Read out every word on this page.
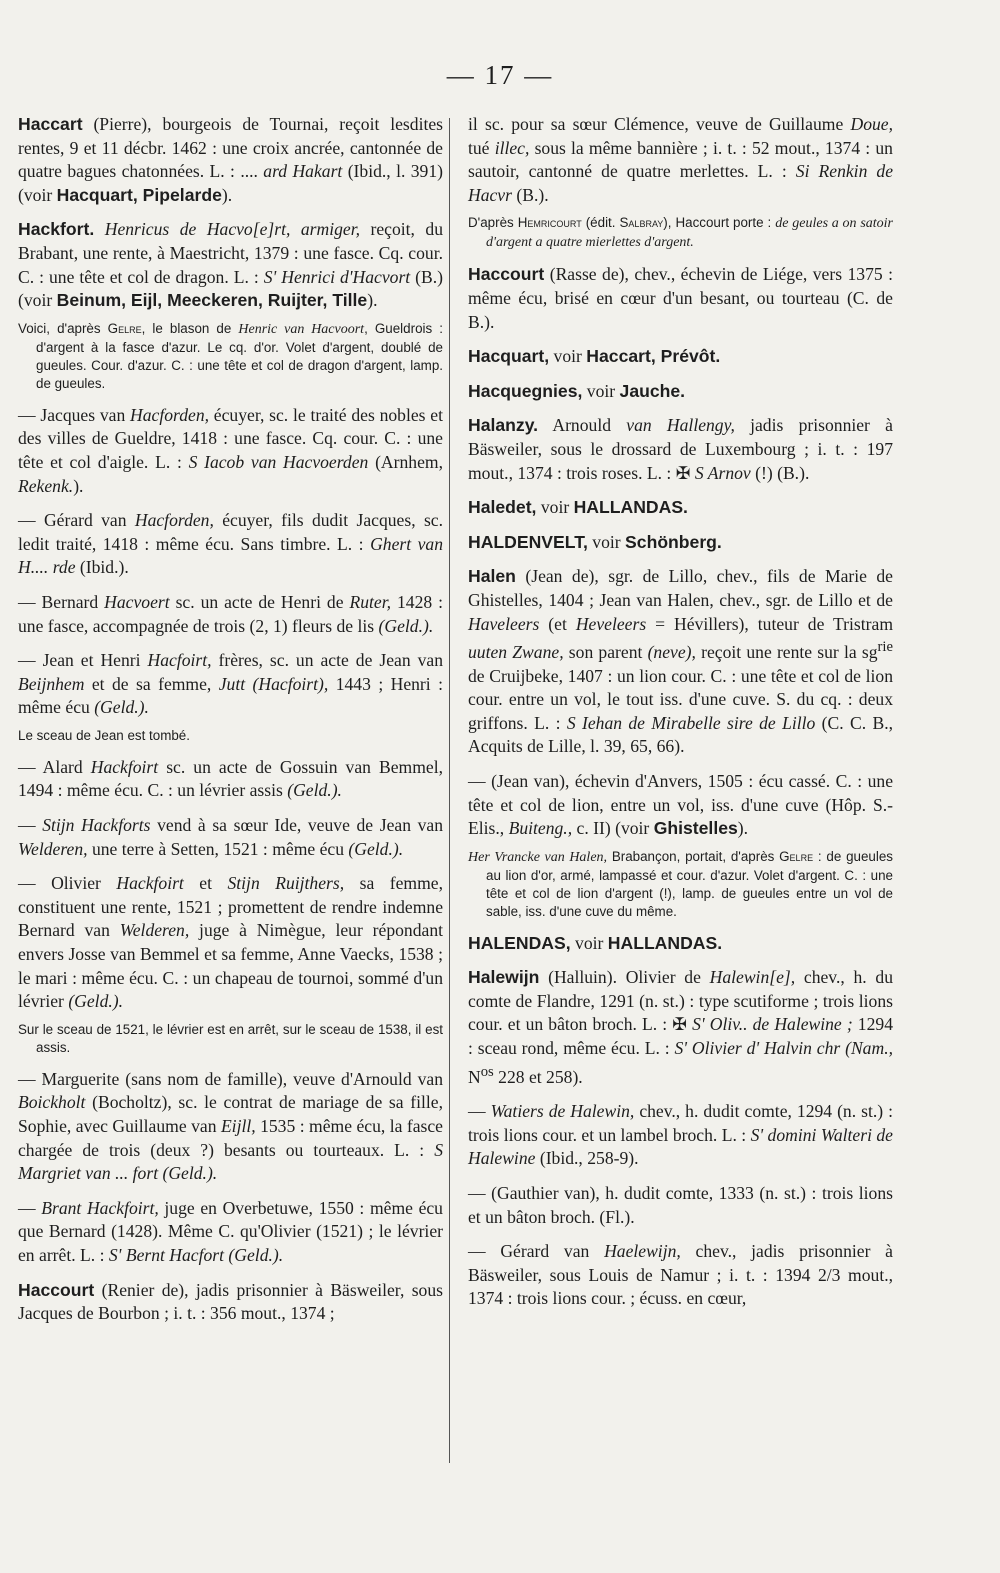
— 17 —

Haccart (Pierre), bourgeois de Tournai, reçoit lesdites rentes, 9 et 11 décbr. 1462 : une croix ancrée, cantonnée de quatre bagues chatonnées. L. : .... ard Hakart (Ibid., l. 391) (voir Hacquart, Pipelarde).

Hackfort. Henricus de Hacvo[e]rt, armiger, reçoit, du Brabant, une rente, à Maestricht, 1379 : une fasce. Cq. cour. C. : une tête et col de dragon. L. : S' Henrici d'Hacvort (B.) (voir Beinum, Eijl, Meeckeren, Ruijter, Tille).

Voici, d'après Gelre, le blason de Henric van Hacvoort, Gueldrois : d'argent à la fasce d'azur. Le cq. d'or. Volet d'argent, doublé de gueules. Cour. d'azur. C. : une tête et col de dragon d'argent, lamp. de gueules.

— Jacques van Hacforden, écuyer, sc. le traité des nobles et des villes de Gueldre, 1418 : une fasce. Cq. cour. C. : une tête et col d'aigle. L. : S Iacob van Hacvoerden (Arnhem, Rekenk.).

— Gérard van Hacforden, écuyer, fils dudit Jacques, sc. ledit traité, 1418 : même écu. Sans timbre. L. : Ghert van H.... rde (Ibid.).

— Bernard Hacvoert sc. un acte de Henri de Ruter, 1428 : une fasce, accompagnée de trois (2, 1) fleurs de lis (Geld.).

— Jean et Henri Hacfoirt, frères, sc. un acte de Jean van Beijnhem et de sa femme, Jutt (Hacfoirt), 1443 ; Henri : même écu (Geld.).

Le sceau de Jean est tombé.

— Alard Hackfoirt sc. un acte de Gossuin van Bemmel, 1494 : même écu. C. : un lévrier assis (Geld.).

— Stijn Hackforts vend à sa sœur Ide, veuve de Jean van Welderen, une terre à Setten, 1521 : même écu (Geld.).

— Olivier Hackfoirt et Stijn Ruijthers, sa femme, constituent une rente, 1521 ; promettent de rendre indemne Bernard van Welderen, juge à Nimègue, leur répondant envers Josse van Bemmel et sa femme, Anne Vaecks, 1538 ; le mari : même écu. C. : un chapeau de tournoi, sommé d'un lévrier (Geld.).

Sur le sceau de 1521, le lévrier est en arrêt, sur le sceau de 1538, il est assis.

— Marguerite (sans nom de famille), veuve d'Arnould van Boickholt (Bocholtz), sc. le contrat de mariage de sa fille, Sophie, avec Guillaume van Eijll, 1535 : même écu, la fasce chargée de trois (deux ?) besants ou tourteaux. L. : S Margriet van ... fort (Geld.).

— Brant Hackfoirt, juge en Overbetuwe, 1550 : même écu que Bernard (1428). Même C. qu'Olivier (1521) ; le lévrier en arrêt. L. : S' Bernt Hacfort (Geld.).

Haccourt (Renier de), jadis prisonnier à Bäsweiler, sous Jacques de Bourbon ; i. t. : 356 mout., 1374 ;

il sc. pour sa sœur Clémence, veuve de Guillaume Doue, tué illec, sous la même bannière ; i. t. : 52 mout., 1374 : un sautoir, cantonné de quatre merlettes. L. : Si Renkin de Hacvr (B.).

D'après Hemricourt (édit. Salbray), Haccourt porte : de geules a on satoir d'argent a quatre mierlettes d'argent.

Haccourt (Rasse de), chev., échevin de Liége, vers 1375 : même écu, brisé en cœur d'un besant, ou tourteau (C. de B.).

Hacquart, voir Haccart, Prévôt.

Hacquegnies, voir Jauche.

Halanzy. Arnould van Hallengy, jadis prisonnier à Bäsweiler, sous le drossard de Luxembourg ; i. t. : 197 mout., 1374 : trois roses. L. : ✠ S Arnov (!) (B.).

Haledet, voir HALLANDAS.

HALDENVELT, voir Schönberg.

Halen (Jean de), sgr. de Lillo, chev., fils de Marie de Ghistelles, 1404 ; Jean van Halen, chev., sgr. de Lillo et de Haveleers (et Heveleers = Hévillers), tuteur de Tristram uuten Zwane, son parent (neve), reçoit une rente sur la $sg^{rie}$ de Cruijbeke, 1407 : un lion cour. C. : une tête et col de lion cour. entre un vol, le tout iss. d'une cuve. S. du cq. : deux griffons. L. : S Iehan de Mirabelle sire de Lillo (C. C. B., Acquits de Lille, l. 39, 65, 66).

— (Jean van), échevin d'Anvers, 1505 : écu cassé. C. : une tête et col de lion, entre un vol, iss. d'une cuve (Hôp. S.-Elis., Buiteng., c. II) (voir Ghistelles).

Her Vrancke van Halen, Brabançon, portait, d'après Gelre : de gueules au lion d'or, armé, lampassé et cour. d'azur. Volet d'argent. C. : une tête et col de lion d'argent (!), lamp. de gueules entre un vol de sable, iss. d'une cuve du même.

HALENDAS, voir HALLANDAS.

Halewijn (Halluin). Olivier de Halewin[e], chev., h. du comte de Flandre, 1291 (n. st.) : type scutiforme ; trois lions cour. et un bâton broch. L. : ✠ S' Oliv.. de Halewine ; 1294 : sceau rond, même écu. L. : S' Olivier d' Halvin chr (Nam., $N^{os}$ 228 et 258).

— Watiers de Halewin, chev., h. dudit comte, 1294 (n. st.) : trois lions cour. et un lambel broch. L. : S' domini Walteri de Halewine (Ibid., 258-9).

— (Gauthier van), h. dudit comte, 1333 (n. st.) : trois lions et un bâton broch. (Fl.).

— Gérard van Haelewijn, chev., jadis prisonnier à Bäsweiler, sous Louis de Namur ; i. t. : 1394 2/3 mout., 1374 : trois lions cour. ; écuss. en cœur,
